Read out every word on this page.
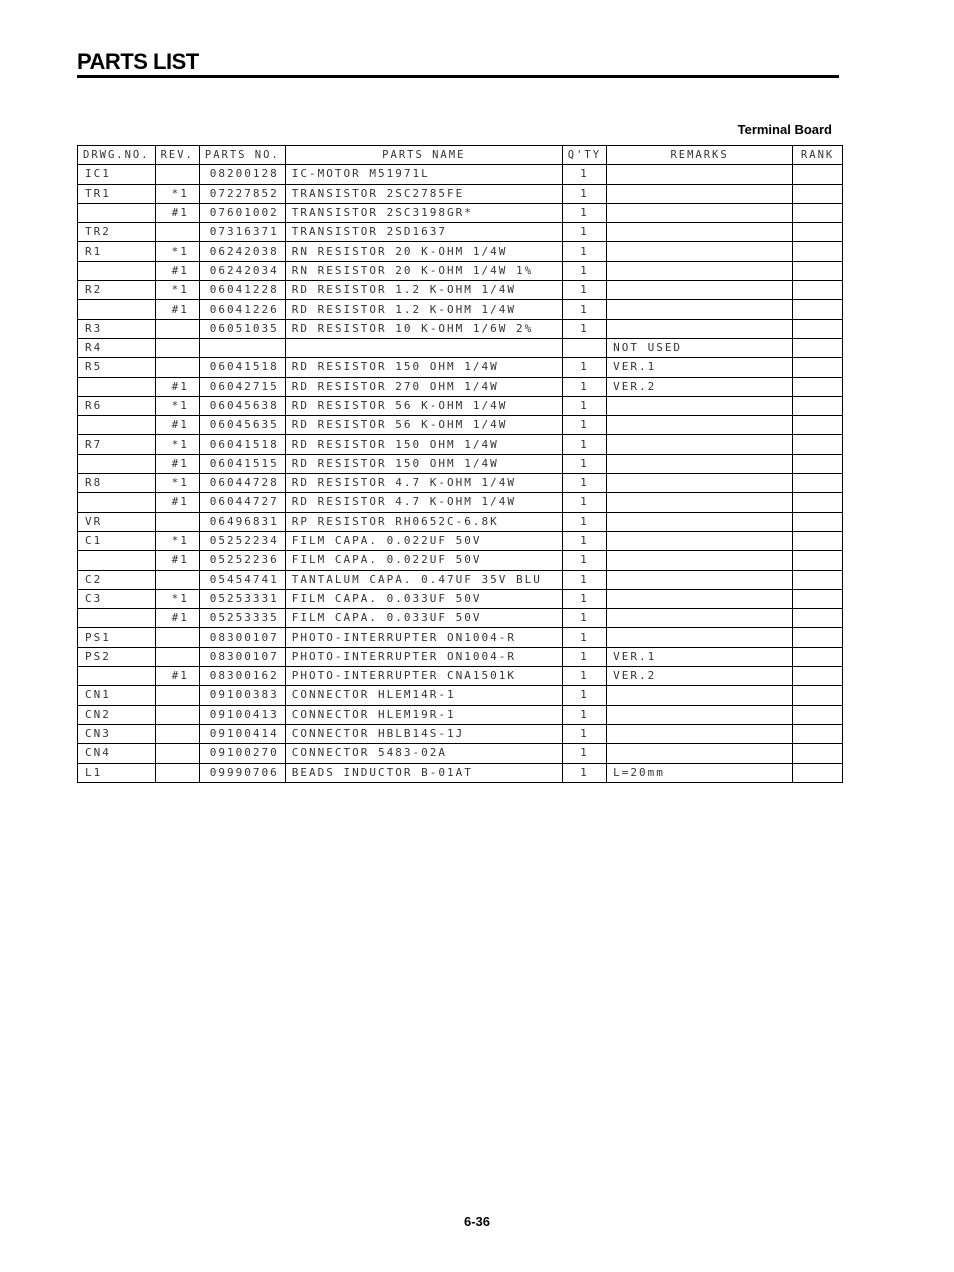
PARTS LIST
Terminal Board
DRWG.NO.	REV.	PARTS NO.	PARTS NAME	Q'TY	REMARKS	RANK
IC1		08200128	IC-MOTOR M51971L	1		
TR1	*1	07227852	TRANSISTOR 2SC2785FE	1		
	#1	07601002	TRANSISTOR 2SC3198GR*	1		
TR2		07316371	TRANSISTOR 2SD1637	1		
R1	*1	06242038	RN RESISTOR 20 K-OHM 1/4W	1		
	#1	06242034	RN RESISTOR 20 K-OHM 1/4W 1%	1		
R2	*1	06041228	RD RESISTOR 1.2 K-OHM 1/4W	1		
	#1	06041226	RD RESISTOR 1.2 K-OHM 1/4W	1		
R3		06051035	RD RESISTOR 10 K-OHM 1/6W 2%	1		
R4					NOT USED	
R5		06041518	RD RESISTOR 150 OHM 1/4W	1	VER.1	
	#1	06042715	RD RESISTOR 270 OHM 1/4W	1	VER.2	
R6	*1	06045638	RD RESISTOR 56 K-OHM 1/4W	1		
	#1	06045635	RD RESISTOR 56 K-OHM 1/4W	1		
R7	*1	06041518	RD RESISTOR 150 OHM 1/4W	1		
	#1	06041515	RD RESISTOR 150 OHM 1/4W	1		
R8	*1	06044728	RD RESISTOR 4.7 K-OHM 1/4W	1		
	#1	06044727	RD RESISTOR 4.7 K-OHM 1/4W	1		
VR		06496831	RP RESISTOR RH0652C-6.8K	1		
C1	*1	05252234	FILM CAPA. 0.022UF 50V	1		
	#1	05252236	FILM CAPA. 0.022UF 50V	1		
C2		05454741	TANTALUM CAPA. 0.47UF 35V BLU	1		
C3	*1	05253331	FILM CAPA. 0.033UF 50V	1		
	#1	05253335	FILM CAPA. 0.033UF 50V	1		
PS1		08300107	PHOTO-INTERRUPTER ON1004-R	1		
PS2		08300107	PHOTO-INTERRUPTER ON1004-R	1	VER.1	
	#1	08300162	PHOTO-INTERRUPTER CNA1501K	1	VER.2	
CN1		09100383	CONNECTOR HLEM14R-1	1		
CN2		09100413	CONNECTOR HLEM19R-1	1		
CN3		09100414	CONNECTOR HBLB14S-1J	1		
CN4		09100270	CONNECTOR 5483-02A	1		
L1		09990706	BEADS INDUCTOR B-01AT	1	L=20mm	
6-36
